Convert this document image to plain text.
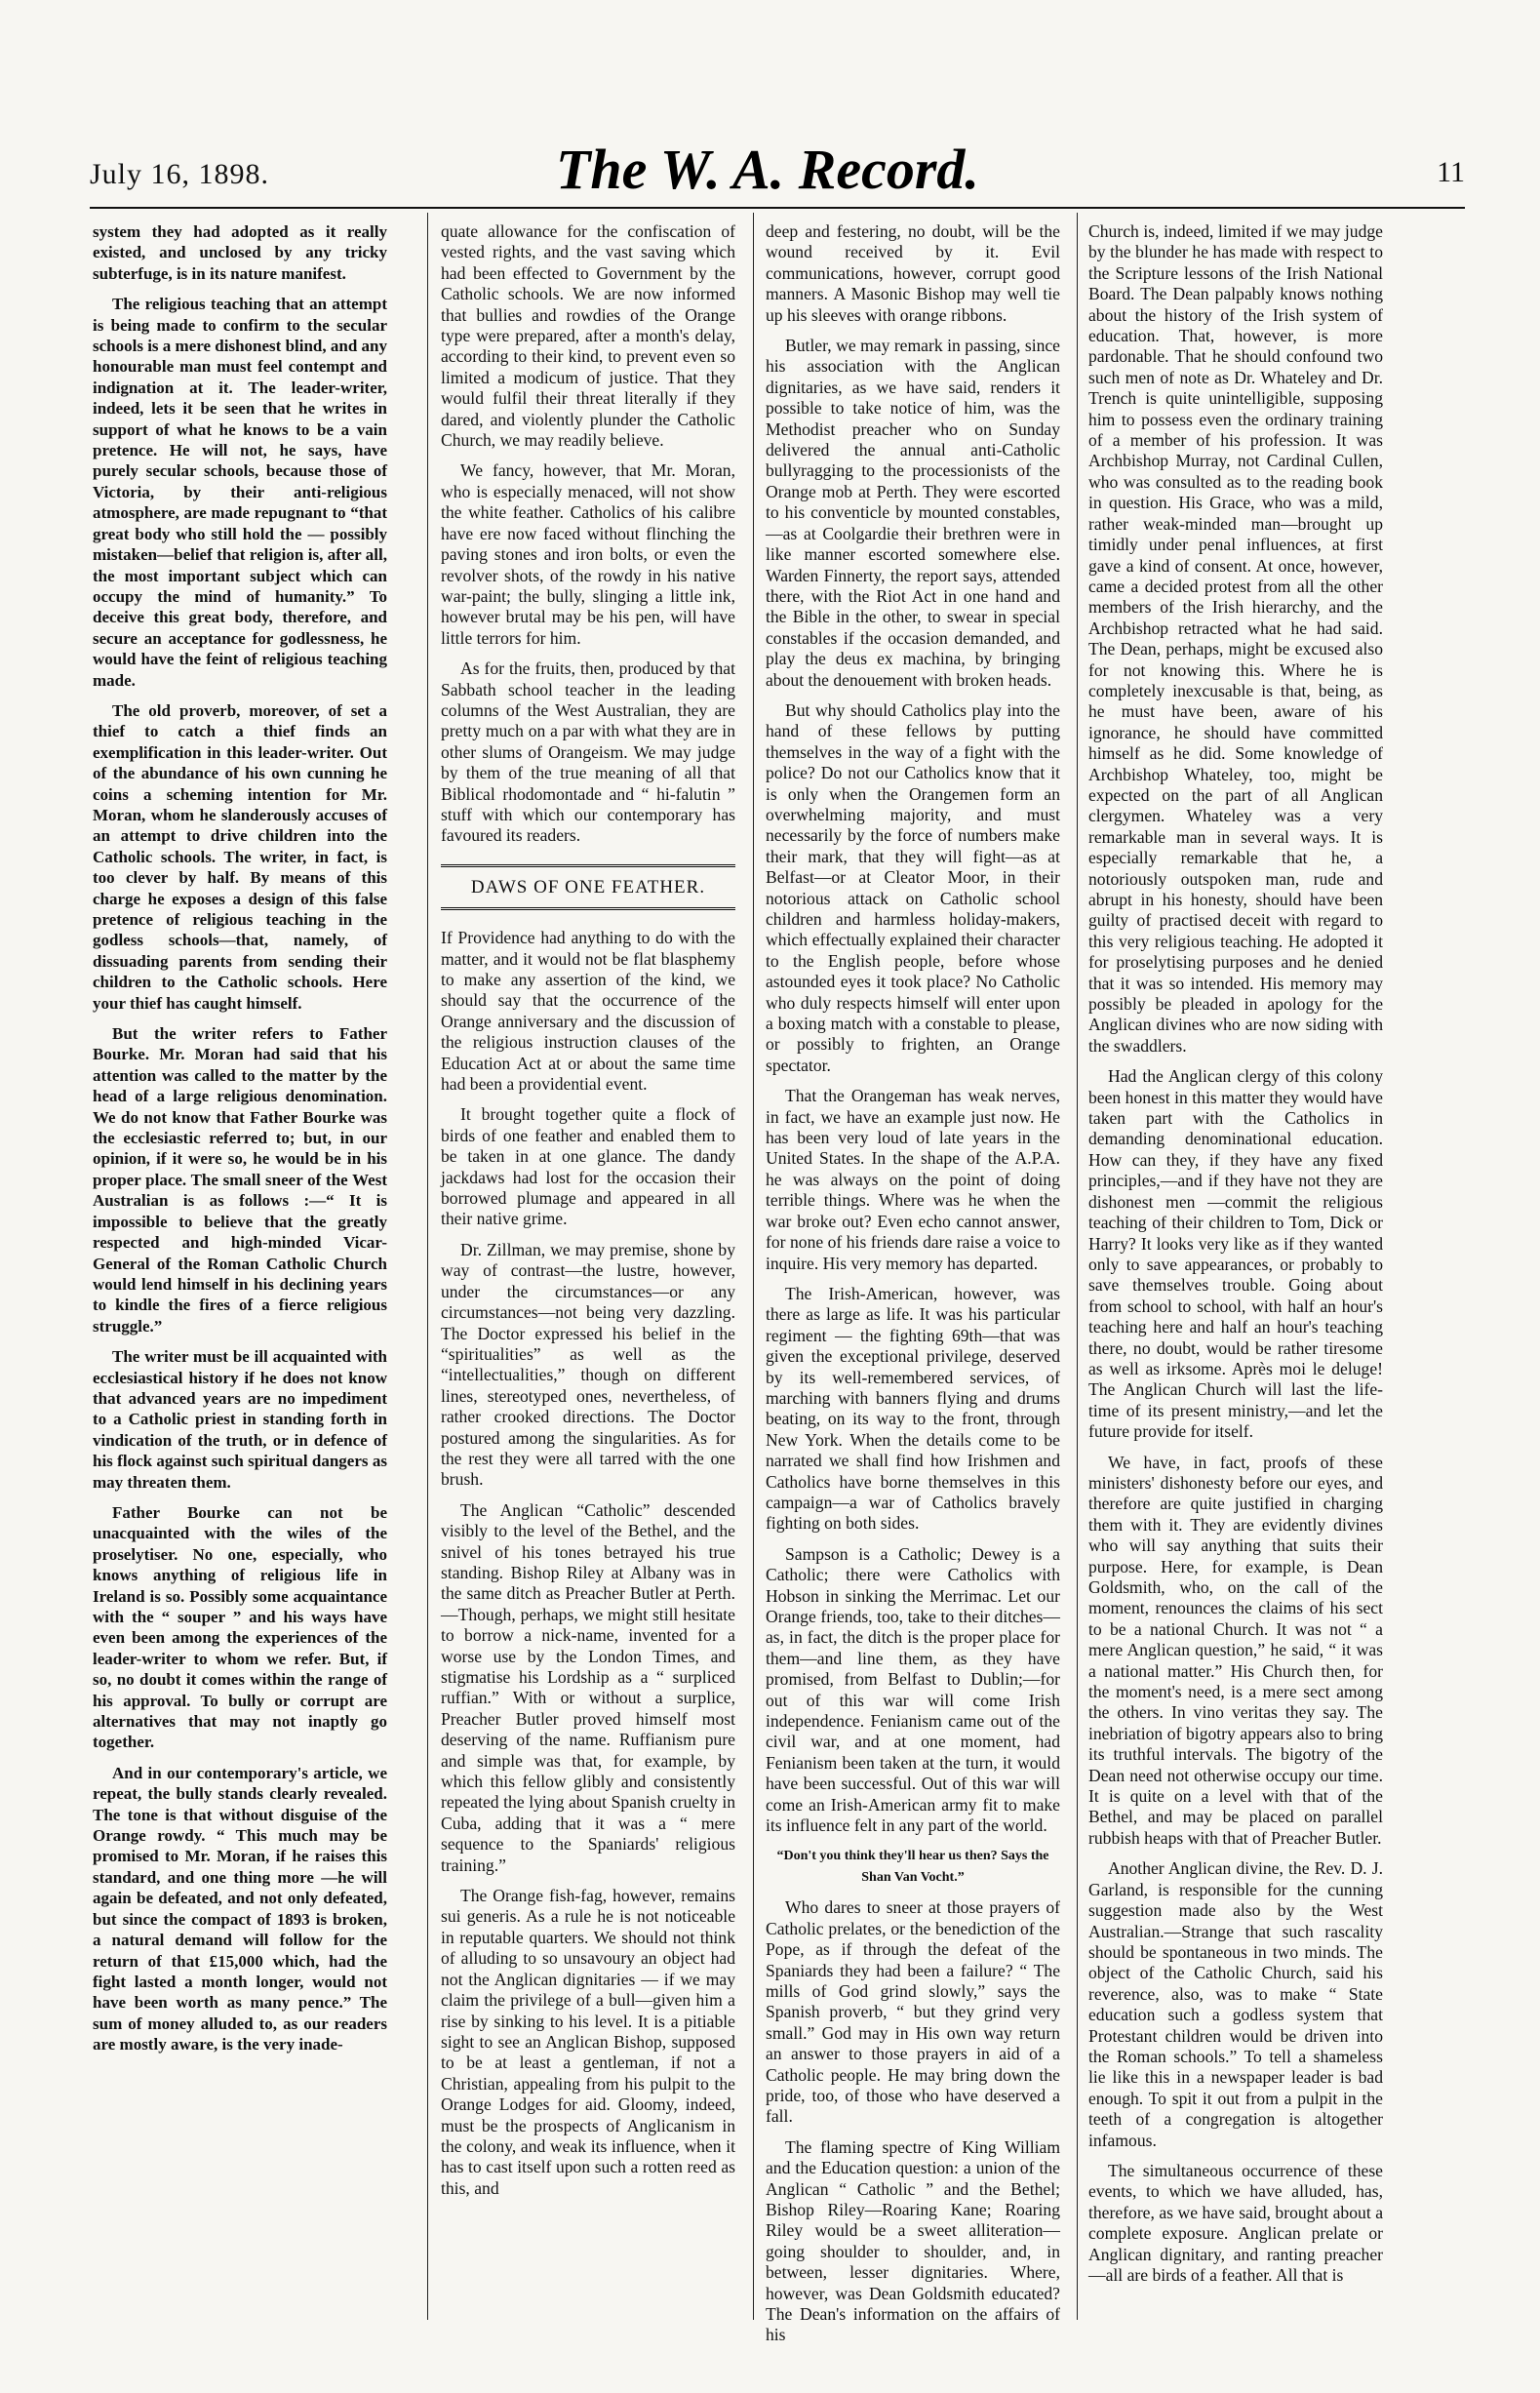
July 16, 1898.	The W. A. Record.	11

system they had adopted as it really existed, and unclosed by any tricky subterfuge, is in its nature manifest.

The religious teaching that an attempt is being made to confirm to the secular schools is a mere dishonest blind, and any honourable man must feel contempt and indignation at it. The leader-writer, indeed, lets it be seen that he writes in support of what he knows to be a vain pretence. He will not, he says, have purely secular schools, because those of Victoria, by their anti-religious atmosphere, are made repugnant to “that great body who still hold the — possibly mistaken—belief that religion is, after all, the most important subject which can occupy the mind of humanity.” To deceive this great body, therefore, and secure an acceptance for godlessness, he would have the feint of religious teaching made.

The old proverb, moreover, of set a thief to catch a thief finds an exemplification in this leader-writer. Out of the abundance of his own cunning he coins a scheming intention for Mr. Moran, whom he slanderously accuses of an attempt to drive children into the Catholic schools. The writer, in fact, is too clever by half. By means of this charge he exposes a design of this false pretence of religious teaching in the godless schools—that, namely, of dissuading parents from sending their children to the Catholic schools. Here your thief has caught himself.

But the writer refers to Father Bourke. Mr. Moran had said that his attention was called to the matter by the head of a large religious denomination. We do not know that Father Bourke was the ecclesiastic referred to; but, in our opinion, if it were so, he would be in his proper place. The small sneer of the West Australian is as follows :—“ It is impossible to believe that the greatly respected and high-minded Vicar-General of the Roman Catholic Church would lend himself in his declining years to kindle the fires of a fierce religious struggle.”

The writer must be ill acquainted with ecclesiastical history if he does not know that advanced years are no impediment to a Catholic priest in standing forth in vindication of the truth, or in defence of his flock against such spiritual dangers as may threaten them.

Father Bourke can not be unacquainted with the wiles of the proselytiser. No one, especially, who knows anything of religious life in Ireland is so. Possibly some acquaintance with the “ souper ” and his ways have even been among the experiences of the leader-writer to whom we refer. But, if so, no doubt it comes within the range of his approval. To bully or corrupt are alternatives that may not inaptly go together.

And in our contemporary's article, we repeat, the bully stands clearly revealed. The tone is that without disguise of the Orange rowdy. “ This much may be promised to Mr. Moran, if he raises this standard, and one thing more —he will again be defeated, and not only defeated, but since the compact of 1893 is broken, a natural demand will follow for the return of that £15,000 which, had the fight lasted a month longer, would not have been worth as many pence.” The sum of money alluded to, as our readers are mostly aware, is the very inade-

quate allowance for the confiscation of vested rights, and the vast saving which had been effected to Government by the Catholic schools. We are now informed that bullies and rowdies of the Orange type were prepared, after a month's delay, according to their kind, to prevent even so limited a modicum of justice. That they would fulfil their threat literally if they dared, and violently plunder the Catholic Church, we may readily believe.

We fancy, however, that Mr. Moran, who is especially menaced, will not show the white feather. Catholics of his calibre have ere now faced without flinching the paving stones and iron bolts, or even the revolver shots, of the rowdy in his native war-paint; the bully, slinging a little ink, however brutal may be his pen, will have little terrors for him.

As for the fruits, then, produced by that Sabbath school teacher in the leading columns of the West Australian, they are pretty much on a par with what they are in other slums of Orangeism. We may judge by them of the true meaning of all that Biblical rhodomontade and “ hi-falutin ” stuff with which our contemporary has favoured its readers.

DAWS OF ONE FEATHER.

If Providence had anything to do with the matter, and it would not be flat blasphemy to make any assertion of the kind, we should say that the occurrence of the Orange anniversary and the discussion of the religious instruction clauses of the Education Act at or about the same time had been a providential event.

It brought together quite a flock of birds of one feather and enabled them to be taken in at one glance. The dandy jackdaws had lost for the occasion their borrowed plumage and appeared in all their native grime.

Dr. Zillman, we may premise, shone by way of contrast—the lustre, however, under the circumstances—or any circumstances—not being very dazzling. The Doctor expressed his belief in the “spiritualities” as well as the “intellectualities,” though on different lines, stereotyped ones, nevertheless, of rather crooked directions. The Doctor postured among the singularities. As for the rest they were all tarred with the one brush.

The Anglican “Catholic” descended visibly to the level of the Bethel, and the snivel of his tones betrayed his true standing. Bishop Riley at Albany was in the same ditch as Preacher Butler at Perth.—Though, perhaps, we might still hesitate to borrow a nick-name, invented for a worse use by the London Times, and stigmatise his Lordship as a “ surpliced ruffian.” With or without a surplice, Preacher Butler proved himself most deserving of the name. Ruffianism pure and simple was that, for example, by which this fellow glibly and consistently repeated the lying about Spanish cruelty in Cuba, adding that it was a “ mere sequence to the Spaniards' religious training.”

The Orange fish-fag, however, remains sui generis. As a rule he is not noticeable in reputable quarters. We should not think of alluding to so unsavoury an object had not the Anglican dignitaries — if we may claim the privilege of a bull—given him a rise by sinking to his level. It is a pitiable sight to see an Anglican Bishop, supposed to be at least a gentleman, if not a Christian, appealing from his pulpit to the Orange Lodges for aid. Gloomy, indeed, must be the prospects of Anglicanism in the colony, and weak its influence, when it has to cast itself upon such a rotten reed as this, and

deep and festering, no doubt, will be the wound received by it. Evil communications, however, corrupt good manners. A Masonic Bishop may well tie up his sleeves with orange ribbons.

Butler, we may remark in passing, since his association with the Anglican dignitaries, as we have said, renders it possible to take notice of him, was the Methodist preacher who on Sunday delivered the annual anti-Catholic bullyragging to the processionists of the Orange mob at Perth. They were escorted to his conventicle by mounted constables,—as at Coolgardie their brethren were in like manner escorted somewhere else. Warden Finnerty, the report says, attended there, with the Riot Act in one hand and the Bible in the other, to swear in special constables if the occasion demanded, and play the deus ex machina, by bringing about the denouement with broken heads.

But why should Catholics play into the hand of these fellows by putting themselves in the way of a fight with the police? Do not our Catholics know that it is only when the Orangemen form an overwhelming majority, and must necessarily by the force of numbers make their mark, that they will fight—as at Belfast—or at Cleator Moor, in their notorious attack on Catholic school children and harmless holiday-makers, which effectually explained their character to the English people, before whose astounded eyes it took place? No Catholic who duly respects himself will enter upon a boxing match with a constable to please, or possibly to frighten, an Orange spectator.

That the Orangeman has weak nerves, in fact, we have an example just now. He has been very loud of late years in the United States. In the shape of the A.P.A. he was always on the point of doing terrible things. Where was he when the war broke out? Even echo cannot answer, for none of his friends dare raise a voice to inquire. His very memory has departed.

The Irish-American, however, was there as large as life. It was his particular regiment — the fighting 69th—that was given the exceptional privilege, deserved by its well-remembered services, of marching with banners flying and drums beating, on its way to the front, through New York. When the details come to be narrated we shall find how Irishmen and Catholics have borne themselves in this campaign—a war of Catholics bravely fighting on both sides.

Sampson is a Catholic; Dewey is a Catholic; there were Catholics with Hobson in sinking the Merrimac. Let our Orange friends, too, take to their ditches—as, in fact, the ditch is the proper place for them—and line them, as they have promised, from Belfast to Dublin;—for out of this war will come Irish independence. Fenianism came out of the civil war, and at one moment, had Fenianism been taken at the turn, it would have been successful. Out of this war will come an Irish-American army fit to make its influence felt in any part of the world.

“Don't you think they'll hear us then? Says the Shan Van Vocht.”

Who dares to sneer at those prayers of Catholic prelates, or the benediction of the Pope, as if through the defeat of the Spaniards they had been a failure? “ The mills of God grind slowly,” says the Spanish proverb, “ but they grind very small.” God may in His own way return an answer to those prayers in aid of a Catholic people. He may bring down the pride, too, of those who have deserved a fall.

The flaming spectre of King William and the Education question: a union of the Anglican “ Catholic ” and the Bethel; Bishop Riley—Roaring Kane; Roaring Riley would be a sweet alliteration—going shoulder to shoulder, and, in between, lesser dignitaries. Where, however, was Dean Goldsmith educated? The Dean's information on the affairs of his

Church is, indeed, limited if we may judge by the blunder he has made with respect to the Scripture lessons of the Irish National Board. The Dean palpably knows nothing about the history of the Irish system of education. That, however, is more pardonable. That he should confound two such men of note as Dr. Whateley and Dr. Trench is quite unintelligible, supposing him to possess even the ordinary training of a member of his profession. It was Archbishop Murray, not Cardinal Cullen, who was consulted as to the reading book in question. His Grace, who was a mild, rather weak-minded man—brought up timidly under penal influences, at first gave a kind of consent. At once, however, came a decided protest from all the other members of the Irish hierarchy, and the Archbishop retracted what he had said. The Dean, perhaps, might be excused also for not knowing this. Where he is completely inexcusable is that, being, as he must have been, aware of his ignorance, he should have committed himself as he did. Some knowledge of Archbishop Whateley, too, might be expected on the part of all Anglican clergymen. Whateley was a very remarkable man in several ways. It is especially remarkable that he, a notoriously outspoken man, rude and abrupt in his honesty, should have been guilty of practised deceit with regard to this very religious teaching. He adopted it for proselytising purposes and he denied that it was so intended. His memory may possibly be pleaded in apology for the Anglican divines who are now siding with the swaddlers.

Had the Anglican clergy of this colony been honest in this matter they would have taken part with the Catholics in demanding denominational education. How can they, if they have any fixed principles,—and if they have not they are dishonest men —commit the religious teaching of their children to Tom, Dick or Harry? It looks very like as if they wanted only to save appearances, or probably to save themselves trouble. Going about from school to school, with half an hour's teaching here and half an hour's teaching there, no doubt, would be rather tiresome as well as irksome. Après moi le deluge! The Anglican Church will last the life-time of its present ministry,—and let the future provide for itself.

We have, in fact, proofs of these ministers' dishonesty before our eyes, and therefore are quite justified in charging them with it. They are evidently divines who will say anything that suits their purpose. Here, for example, is Dean Goldsmith, who, on the call of the moment, renounces the claims of his sect to be a national Church. It was not “ a mere Anglican question,” he said, “ it was a national matter.” His Church then, for the moment's need, is a mere sect among the others. In vino veritas they say. The inebriation of bigotry appears also to bring its truthful intervals. The bigotry of the Dean need not otherwise occupy our time. It is quite on a level with that of the Bethel, and may be placed on parallel rubbish heaps with that of Preacher Butler.

Another Anglican divine, the Rev. D. J. Garland, is responsible for the cunning suggestion made also by the West Australian.—Strange that such rascality should be spontaneous in two minds. The object of the Catholic Church, said his reverence, also, was to make “ State education such a godless system that Protestant children would be driven into the Roman schools.” To tell a shameless lie like this in a newspaper leader is bad enough. To spit it out from a pulpit in the teeth of a congregation is altogether infamous.

The simultaneous occurrence of these events, to which we have alluded, has, therefore, as we have said, brought about a complete exposure. Anglican prelate or Anglican dignitary, and ranting preacher—all are birds of a feather. All that is
